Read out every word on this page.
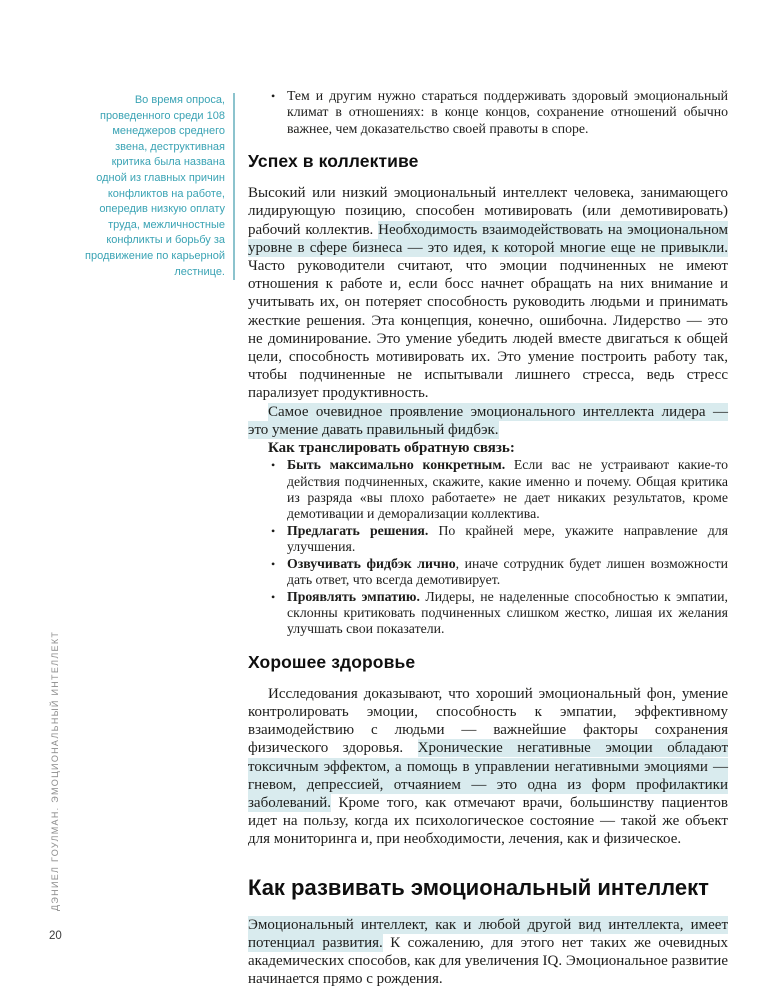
Во время опроса, проведенного среди 108 менеджеров среднего звена, деструктивная критика была названа одной из главных причин конфликтов на работе, опередив низкую оплату труда, межличностные конфликты и борьбу за продвижение по карьерной лестнице.
ДЭНИЕЛ ГОУЛМАН. ЭМОЦИОНАЛЬНЫЙ ИНТЕЛЛЕКТ
20
• Тем и другим нужно стараться поддерживать здоровый эмоциональный климат в отношениях: в конце концов, сохранение отношений обычно важнее, чем доказательство своей правоты в споре.
Успех в коллективе

Высокий или низкий эмоциональный интеллект человека, занимающего лидирующую позицию, способен мотивировать (или демотивировать) рабочий коллектив. Необходимость взаимодействовать на эмоциональном уровне в сфере бизнеса — это идея, к которой многие еще не привыкли. Часто руководители считают, что эмоции подчиненных не имеют отношения к работе и, если босс начнет обращать на них внимание и учитывать их, он потеряет способность руководить людьми и принимать жесткие решения. Эта концепция, конечно, ошибочна. Лидерство — это не доминирование. Это умение убедить людей вместе двигаться к общей цели, способность мотивировать их. Это умение построить работу так, чтобы подчиненные не испытывали лишнего стресса, ведь стресс парализует продуктивность.

Самое очевидное проявление эмоционального интеллекта лидера — это умение давать правильный фидбэк.

Как транслировать обратную связь:

• Быть максимально конкретным. Если вас не устраивают какие-то действия подчиненных, скажите, какие именно и почему. Общая критика из разряда «вы плохо работаете» не дает никаких результатов, кроме демотивации и деморализации коллектива.
• Предлагать решения. По крайней мере, укажите направление для улучшения.
• Озвучивать фидбэк лично, иначе сотрудник будет лишен возможности дать ответ, что всегда демотивирует.
• Проявлять эмпатию. Лидеры, не наделенные способностью к эмпатии, склонны критиковать подчиненных слишком жестко, лишая их желания улучшать свои показатели.
Хорошее здоровье

Исследования доказывают, что хороший эмоциональный фон, умение контролировать эмоции, способность к эмпатии, эффективному взаимодействию с людьми — важнейшие факторы сохранения физического здоровья. Хронические негативные эмоции обладают токсичным эффектом, а помощь в управлении негативными эмоциями — гневом, депрессией, отчаянием — это одна из форм профилактики заболеваний. Кроме того, как отмечают врачи, большинству пациентов идет на пользу, когда их психологическое состояние — такой же объект для мониторинга и, при необходимости, лечения, как и физическое.

Как развивать эмоциональный интеллект

Эмоциональный интеллект, как и любой другой вид интеллекта, имеет потенциал развития. К сожалению, для этого нет таких же очевидных академических способов, как для увеличения IQ. Эмоциональное развитие начинается прямо с рождения.
